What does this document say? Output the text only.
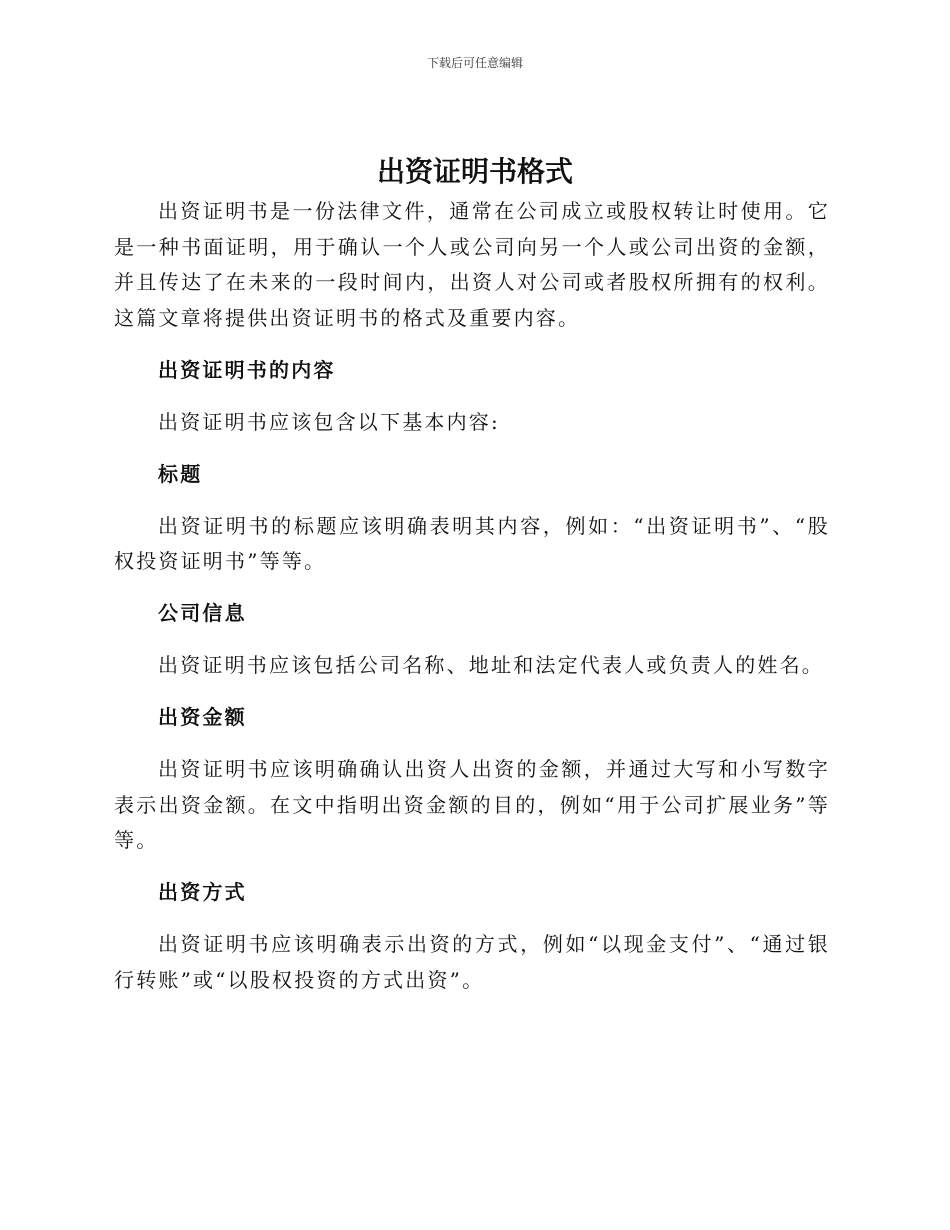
下载后可任意编辑
出资证明书格式

出资证明书是一份法律文件，通常在公司成立或股权转让时使用。它是一种书面证明，用于确认一个人或公司向另一个人或公司出资的金额，并且传达了在未来的一段时间内，出资人对公司或者股权所拥有的权利。这篇文章将提供出资证明书的格式及重要内容。

出资证明书的内容

出资证明书应该包含以下基本内容:

标题

出资证明书的标题应该明确表明其内容，例如：“出资证明书”、“股权投资证明书”等等。

公司信息

出资证明书应该包括公司名称、地址和法定代表人或负责人的姓名。

出资金额

出资证明书应该明确确认出资人出资的金额，并通过大写和小写数字表示出资金额。在文中指明出资金额的目的，例如“用于公司扩展业务”等等。

出资方式

出资证明书应该明确表示出资的方式，例如“以现金支付”、“通过银行转账”或“以股权投资的方式出资”。
